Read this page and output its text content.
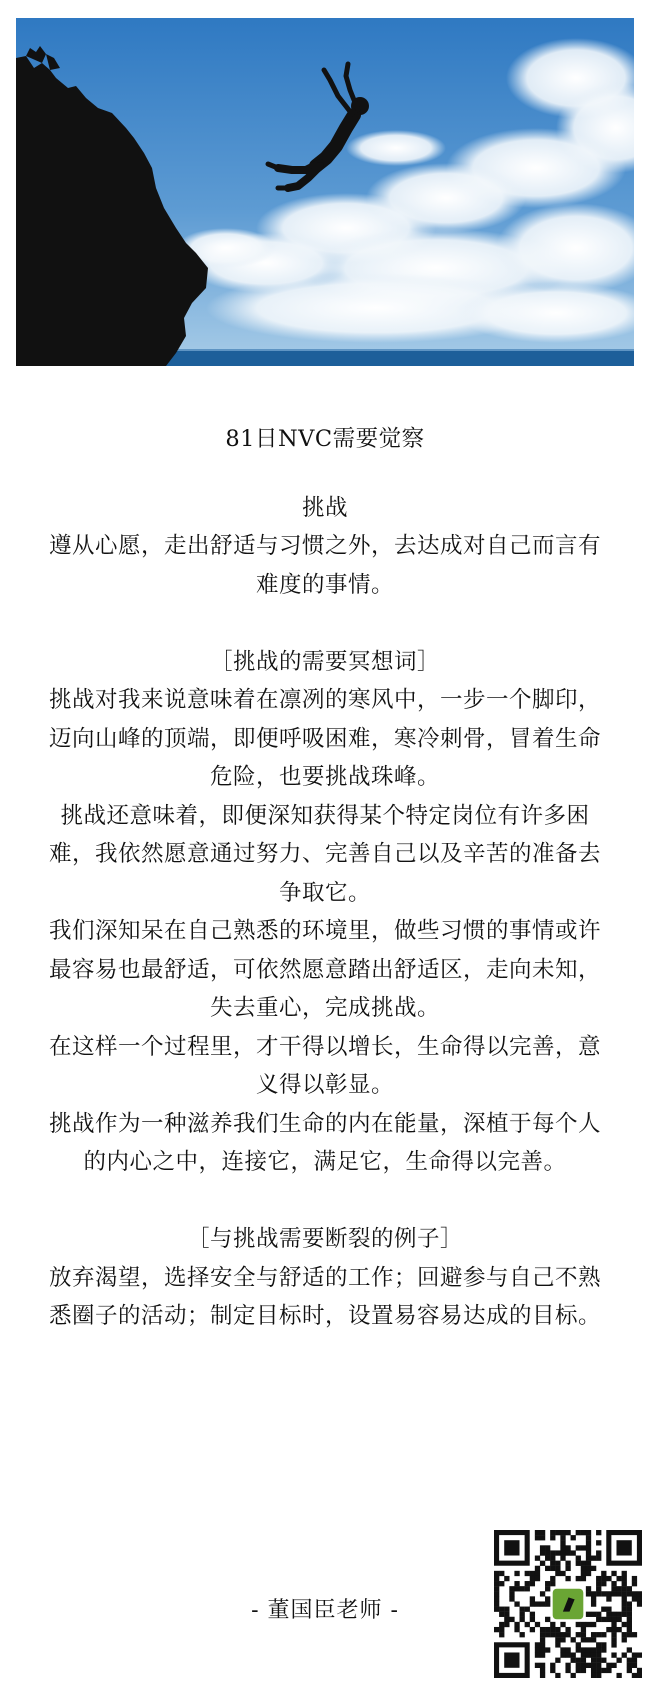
81日NVC需要觉察

挑战

遵从心愿，走出舒适与习惯之外，去达成对自己而言有难度的事情。

［挑战的需要冥想词］

挑战对我来说意味着在凛冽的寒风中，一步一个脚印，迈向山峰的顶端，即便呼吸困难，寒冷刺骨，冒着生命危险，也要挑战珠峰。

挑战还意味着，即便深知获得某个特定岗位有许多困难，我依然愿意通过努力、完善自己以及辛苦的准备去争取它。

我们深知呆在自己熟悉的环境里，做些习惯的事情或许最容易也最舒适，可依然愿意踏出舒适区，走向未知，失去重心，完成挑战。

在这样一个过程里，才干得以增长，生命得以完善，意义得以彰显。

挑战作为一种滋养我们生命的内在能量，深植于每个人的内心之中，连接它，满足它，生命得以完善。

［与挑战需要断裂的例子］

放弃渴望，选择安全与舒适的工作；回避参与自己不熟悉圈子的活动；制定目标时，设置易容易达成的目标。

- 董国臣老师 -
